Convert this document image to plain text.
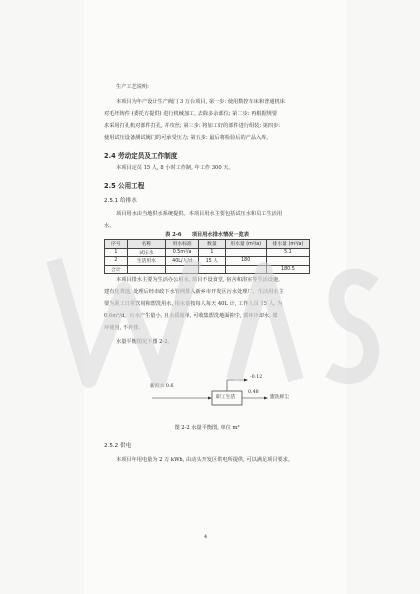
生产工艺说明:
本项目为年产设计生产阀门 3 万台项目, 第一步: 使用数控车床和普通机床
对毛坯铸件 (委托方提供) 进行机械加工, 去除多余部位; 第二步: 再根据规要
求采用打孔机对部件打孔, 并攻丝; 第三步: 将加工好的部件进行组装; 第四步:
使用试压设备测试阀门的可承受压力; 第五步: 最后将检验后的产品入库。
2.4 劳动定员及工作制度
本项目定员 15 人, 8 小时工作制, 年工作 300 天。
2.5 公用工程
2.5.1 给排水
项目用水由当地供水系统提供。本项目用水主要包括试压水和员工生活用
水。
表 2-6　　项目用水排水情况一览表
序号	名称	用水标准	数量	用水量 (m³/a)	排水量 (m³/a)
1	试压水	0.5m³/a	1		5.1
2	生活用水	40L/人/d	15 人	180	
合计					180.5
本项目排水主要为生活办公用水, 项目不设食堂, 宿舍和浴室等生活设施,
建有化粪池, 处理后经市政下水管网排入新乡市开发区污水处理厂。生活用水主
要为职工日常饮用和盥洗用水, 用水量按每人每天 40L 计, 工作人员 15 人, 为
0.6m³/d。污水产生量小, 且水质简单, 可收集盥洗地面抑尘, 循环冷却水, 循
环使用, 不外排。
水量平衡图见下图 2-2。
新鲜水 0.6
职工生活
-0.12
0.48
盥洗抑尘
图 2-2 水量平衡图, 单位 m³
2.5.2 供电
本项目年用电量为 2 万 kWh, 由动头开发区供电所提供, 可以满足项目要求。
4
